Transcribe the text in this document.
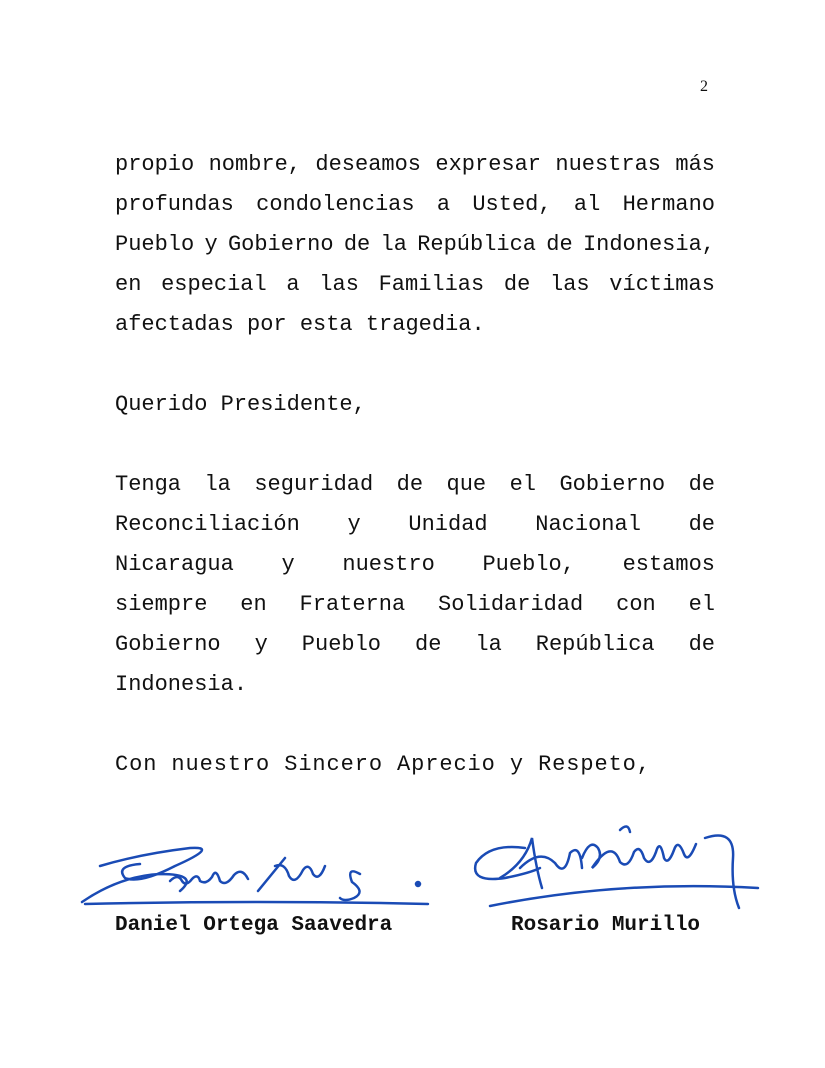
2
propio nombre, deseamos expresar nuestras más
profundas condolencias a Usted, al Hermano
Pueblo y Gobierno de la República de Indonesia,
en especial a las Familias de las víctimas
afectadas por esta tragedia.
Querido Presidente,
Tenga la seguridad de que el Gobierno de
Reconciliación y Unidad Nacional de
Nicaragua y nuestro Pueblo, estamos
siempre en Fraterna Solidaridad con el
Gobierno y Pueblo de la República de
Indonesia.
Con nuestro Sincero Aprecio y Respeto,
Daniel Ortega Saavedra	Rosario Murillo
